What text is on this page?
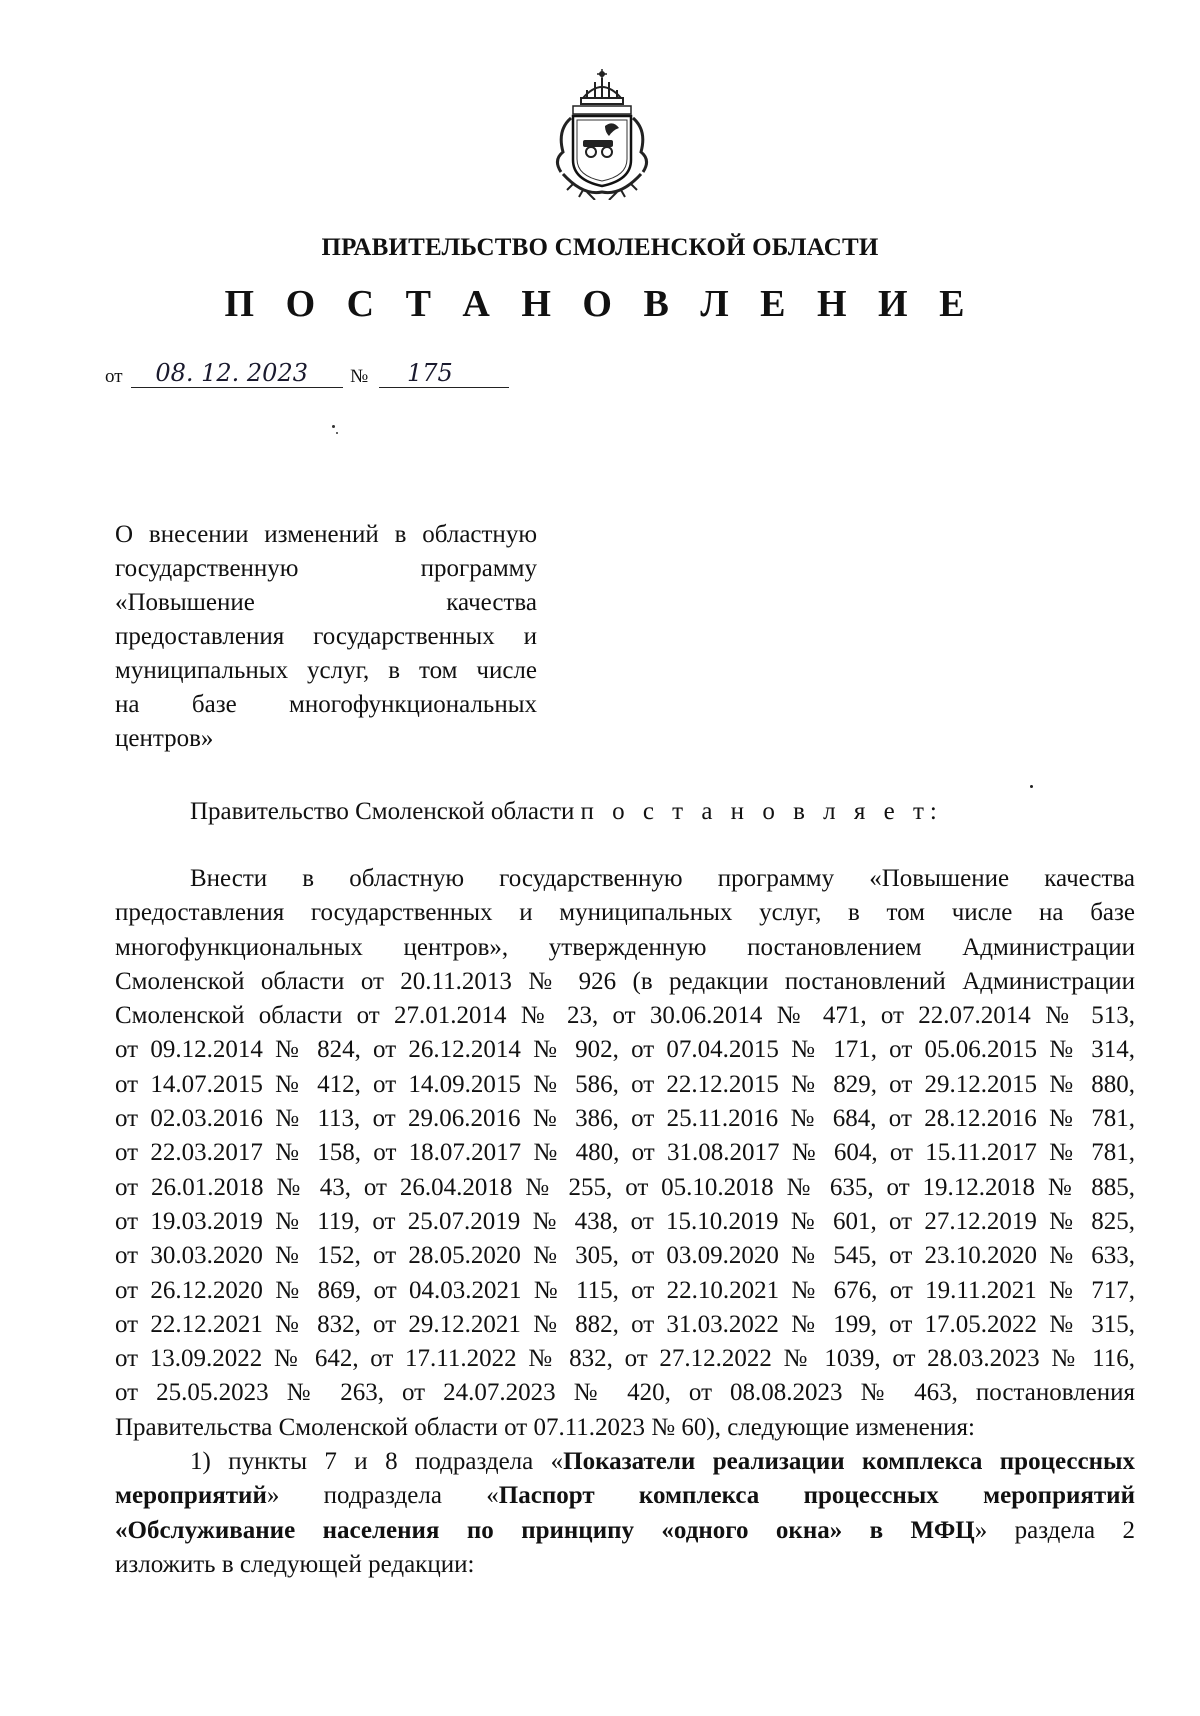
ПРАВИТЕЛЬСТВО СМОЛЕНСКОЙ ОБЛАСТИ
П О С Т А Н О В Л Е Н И Е
от 08. 12. 2023 № 175
О внесении изменений в областную
государственную программу
«Повышение качества
предоставления государственных и
муниципальных услуг, в том числе
на базе многофункциональных
центров»
Правительство Смоленской области п о с т а н о в л я е т:
Внести в областную государственную программу «Повышение качества
предоставления государственных и муниципальных услуг, в том числе на базе
многофункциональных центров», утвержденную постановлением Администрации
Смоленской области от 20.11.2013 № 926 (в редакции постановлений Администрации
Смоленской области от 27.01.2014 № 23, от 30.06.2014 № 471, от 22.07.2014 № 513,
от 09.12.2014 № 824, от 26.12.2014 № 902, от 07.04.2015 № 171, от 05.06.2015 № 314,
от 14.07.2015 № 412, от 14.09.2015 № 586, от 22.12.2015 № 829, от 29.12.2015 № 880,
от 02.03.2016 № 113, от 29.06.2016 № 386, от 25.11.2016 № 684, от 28.12.2016 № 781,
от 22.03.2017 № 158, от 18.07.2017 № 480, от 31.08.2017 № 604, от 15.11.2017 № 781,
от 26.01.2018 № 43, от 26.04.2018 № 255, от 05.10.2018 № 635, от 19.12.2018 № 885,
от 19.03.2019 № 119, от 25.07.2019 № 438, от 15.10.2019 № 601, от 27.12.2019 № 825,
от 30.03.2020 № 152, от 28.05.2020 № 305, от 03.09.2020 № 545, от 23.10.2020 № 633,
от 26.12.2020 № 869, от 04.03.2021 № 115, от 22.10.2021 № 676, от 19.11.2021 № 717,
от 22.12.2021 № 832, от 29.12.2021 № 882, от 31.03.2022 № 199, от 17.05.2022 № 315,
от 13.09.2022 № 642, от 17.11.2022 № 832, от 27.12.2022 № 1039, от 28.03.2023 № 116,
от 25.05.2023 № 263, от 24.07.2023 № 420, от 08.08.2023 № 463, постановления
Правительства Смоленской области от 07.11.2023 № 60), следующие изменения:
1) пункты 7 и 8 подраздела «Показатели реализации комплекса процессных
мероприятий» подраздела «Паспорт комплекса процессных мероприятий
«Обслуживание населения по принципу «одного окна» в МФЦ» раздела 2
изложить в следующей редакции:
